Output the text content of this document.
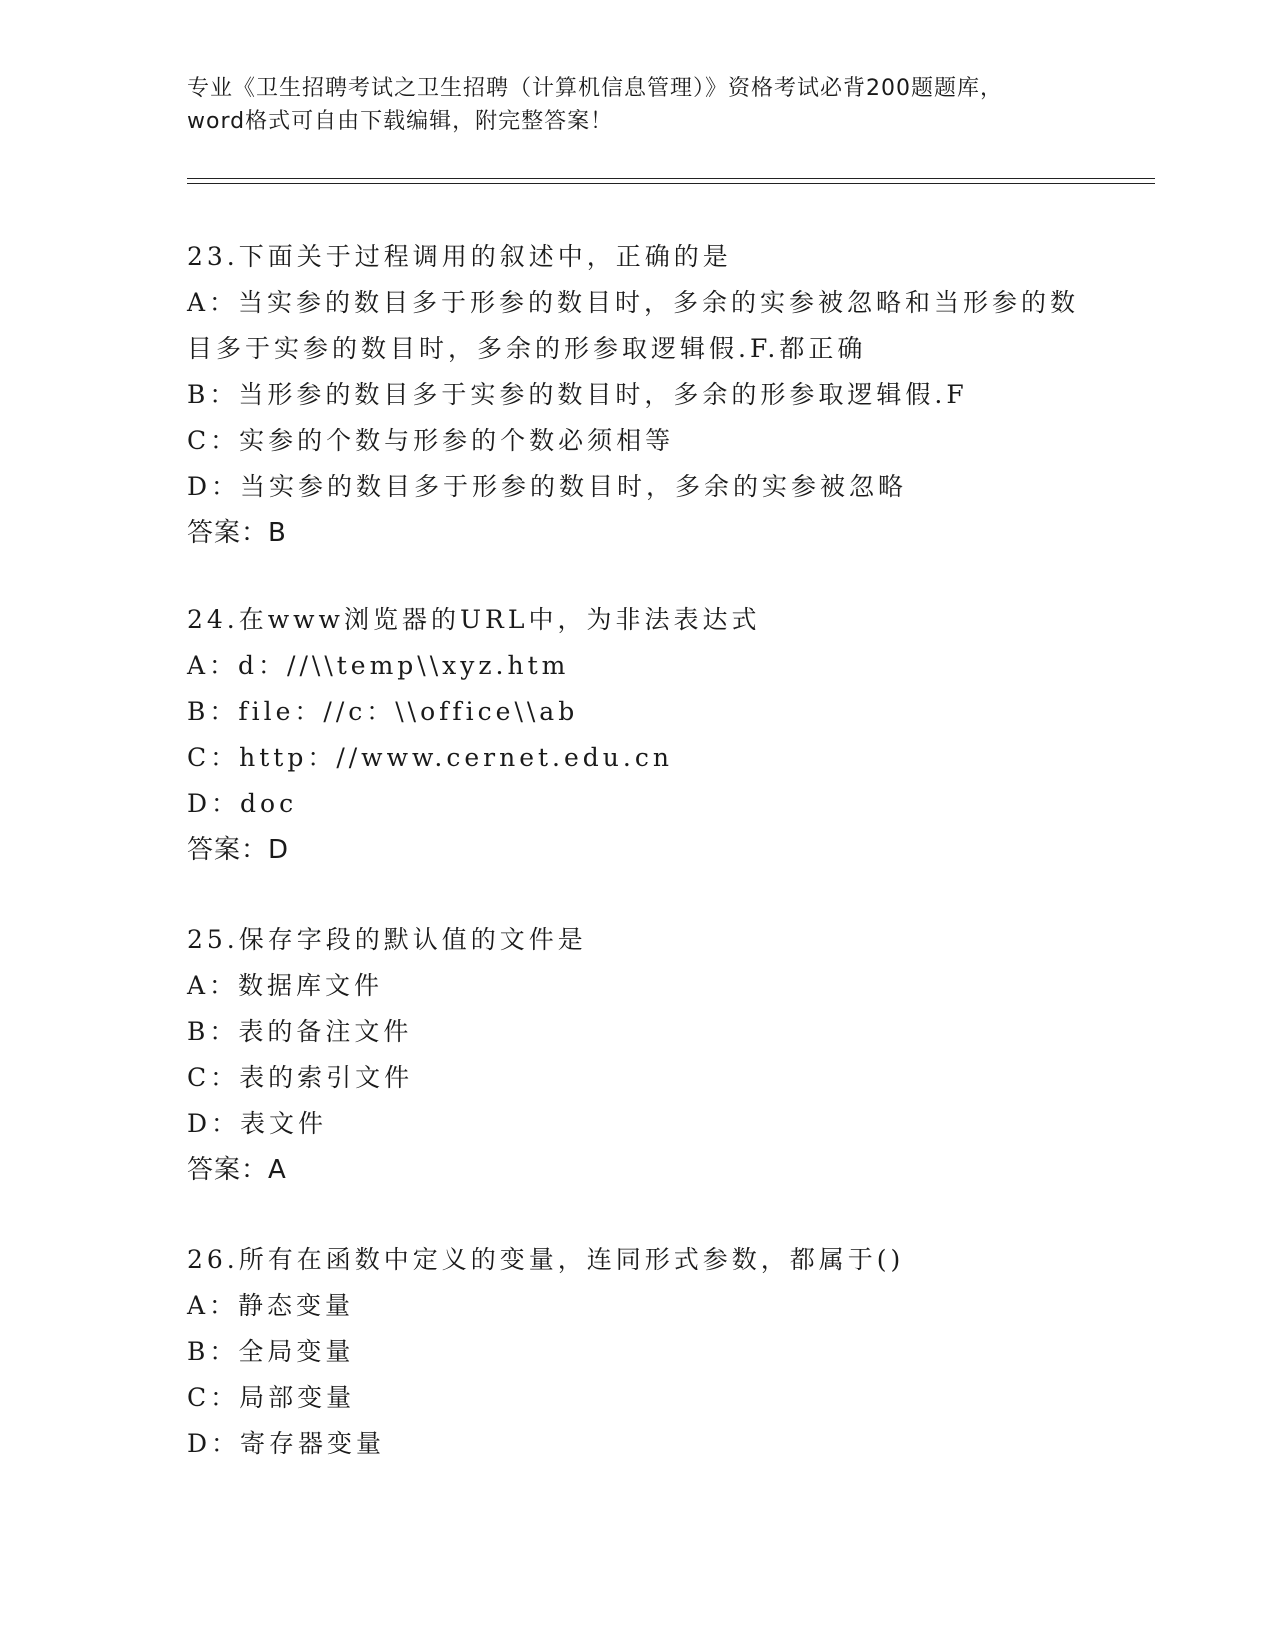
专业《卫生招聘考试之卫生招聘（计算机信息管理）》资格考试必背200题题库，

word格式可自由下载编辑，附完整答案！

23.下面关于过程调用的叙述中，正确的是

A：当实参的数目多于形参的数目时，多余的实参被忽略和当形参的数

目多于实参的数目时，多余的形参取逻辑假.F.都正确

B：当形参的数目多于实参的数目时，多余的形参取逻辑假.F

C：实参的个数与形参的个数必须相等

D：当实参的数目多于形参的数目时，多余的实参被忽略

答案：B

24.在www浏览器的URL中，为非法表达式

A：d：//\\temp\\xyz.htm

B：file：//c：\\office\\ab

C：http：//www.cernet.edu.cn

D：doc

答案：D

25.保存字段的默认值的文件是

A：数据库文件

B：表的备注文件

C：表的索引文件

D：表文件

答案：A

26.所有在函数中定义的变量，连同形式参数，都属于()

A：静态变量

B：全局变量

C：局部变量

D：寄存器变量
